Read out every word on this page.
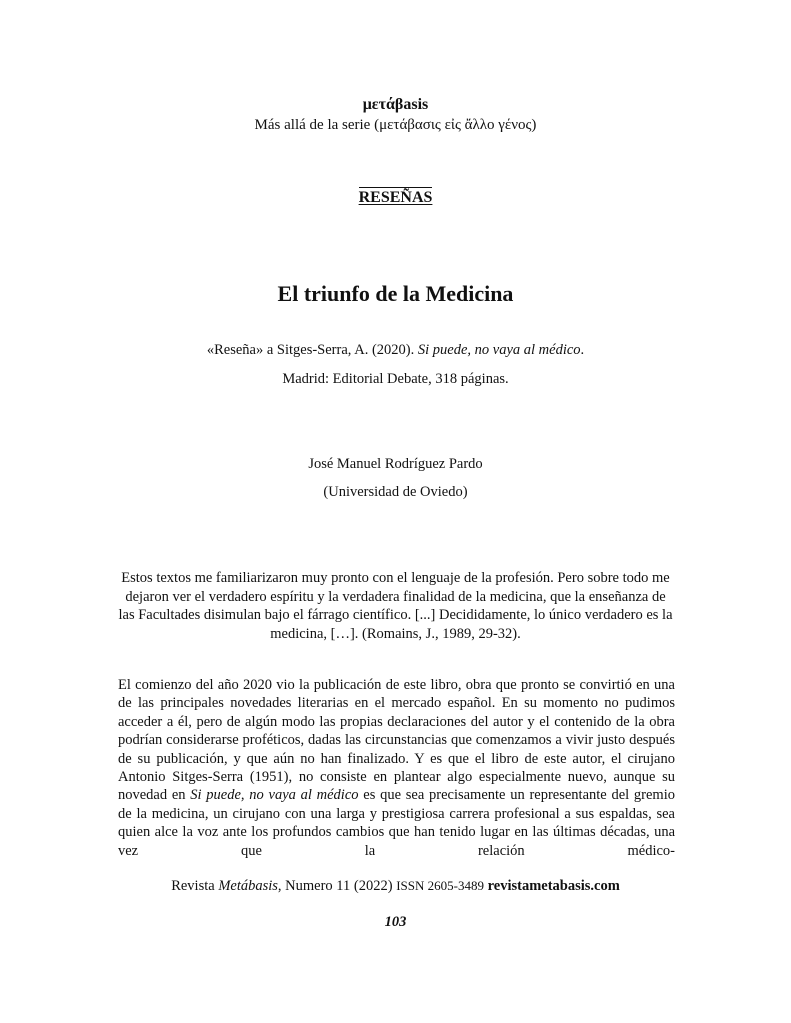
μετάβasis
Más allá de la serie (μετάβασις εἰς ἄλλο γένος)
RESEÑAS
El triunfo de la Medicina
«Reseña» a Sitges-Serra, A. (2020). Si puede, no vaya al médico.
Madrid: Editorial Debate, 318 páginas.
José Manuel Rodríguez Pardo
(Universidad de Oviedo)
Estos textos me familiarizaron muy pronto con el lenguaje de la profesión. Pero sobre todo me dejaron ver el verdadero espíritu y la verdadera finalidad de la medicina, que la enseñanza de las Facultades disimulan bajo el fárrago científico. [...] Decididamente, lo único verdadero es la medicina, […]. (Romains, J., 1989, 29-32).
El comienzo del año 2020 vio la publicación de este libro, obra que pronto se convirtió en una de las principales novedades literarias en el mercado español. En su momento no pudimos acceder a él, pero de algún modo las propias declaraciones del autor y el contenido de la obra podrían considerarse proféticos, dadas las circunstancias que comenzamos a vivir justo después de su publicación, y que aún no han finalizado. Y es que el libro de este autor, el cirujano Antonio Sitges-Serra (1951), no consiste en plantear algo especialmente nuevo, aunque su novedad en Si puede, no vaya al médico es que sea precisamente un representante del gremio de la medicina, un cirujano con una larga y prestigiosa carrera profesional a sus espaldas, sea quien alce la voz ante los profundos cambios que han tenido lugar en las últimas décadas, una vez que la relación médico-
Revista Metábasis, Numero 11 (2022) ISSN 2605-3489 revistametabasis.com
103
